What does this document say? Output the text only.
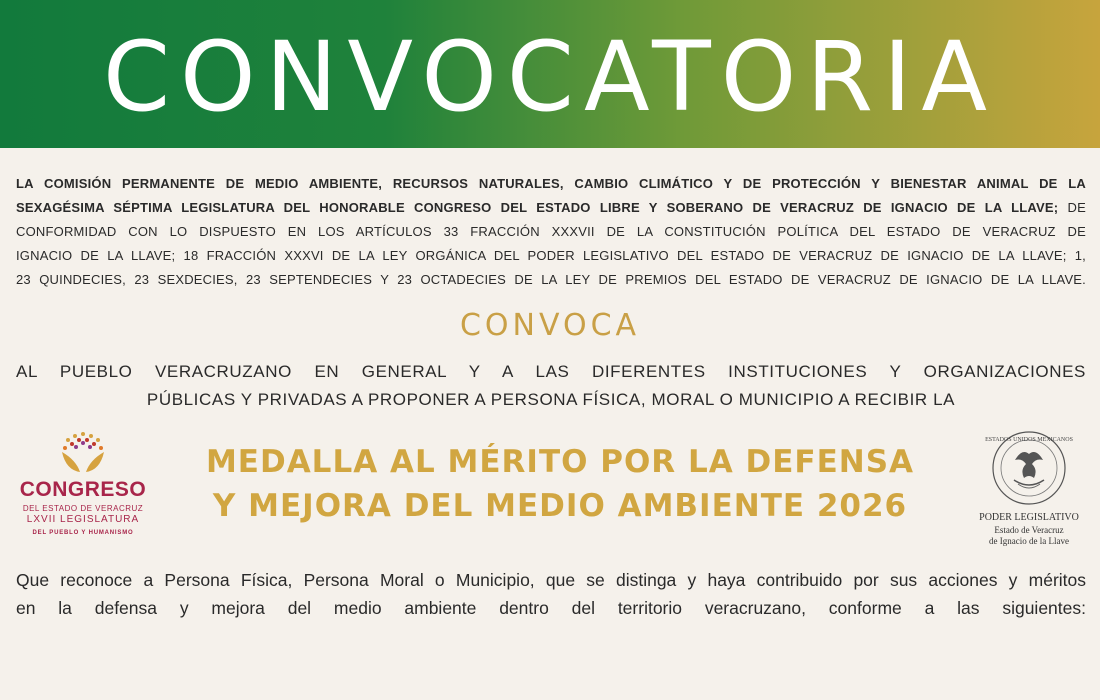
CONVOCATORIA
LA COMISIÓN PERMANENTE DE MEDIO AMBIENTE, RECURSOS NATURALES, CAMBIO CLIMÁTICO Y DE PROTECCIÓN Y BIENESTAR ANIMAL DE LA
SEXAGÉSIMA SÉPTIMA LEGISLATURA DEL HONORABLE CONGRESO DEL ESTADO LIBRE Y SOBERANO DE VERACRUZ DE IGNACIO DE LA LLAVE; DE
CONFORMIDAD CON LO DISPUESTO EN LOS ARTÍCULOS 33 FRACCIÓN XXXVII DE LA CONSTITUCIÓN POLÍTICA DEL ESTADO DE VERACRUZ DE
IGNACIO DE LA LLAVE; 18 FRACCIÓN XXXVI DE LA LEY ORGÁNICA DEL PODER LEGISLATIVO DEL ESTADO DE VERACRUZ DE IGNACIO DE LA LLAVE; 1,
23 QUINDECIES, 23 SEXDECIES, 23 SEPTENDECIES Y 23 OCTADECIES DE LA LEY DE PREMIOS DEL ESTADO DE VERACRUZ DE IGNACIO DE LA LLAVE.
CONVOCA
AL PUEBLO VERACRUZANO EN GENERAL Y A LAS DIFERENTES INSTITUCIONES Y ORGANIZACIONES
PÚBLICAS Y PRIVADAS A PROPONER A PERSONA FÍSICA, MORAL O MUNICIPIO A RECIBIR LA
CONGRESO
DEL ESTADO DE VERACRUZ
LXVII LEGISLATURA
DEL PUEBLO Y HUMANISMO
MEDALLA AL MÉRITO POR LA DEFENSA
Y MEJORA DEL MEDIO AMBIENTE 2026
ESTADOS UNIDOS MEXICANOS
PODER LEGISLATIVO
Estado de Veracruz
de Ignacio de la Llave
Que reconoce a Persona Física, Persona Moral o Municipio, que se distinga y haya contribuido por sus acciones y méritos
en la defensa y mejora del medio ambiente dentro del territorio veracruzano, conforme a las siguientes:
